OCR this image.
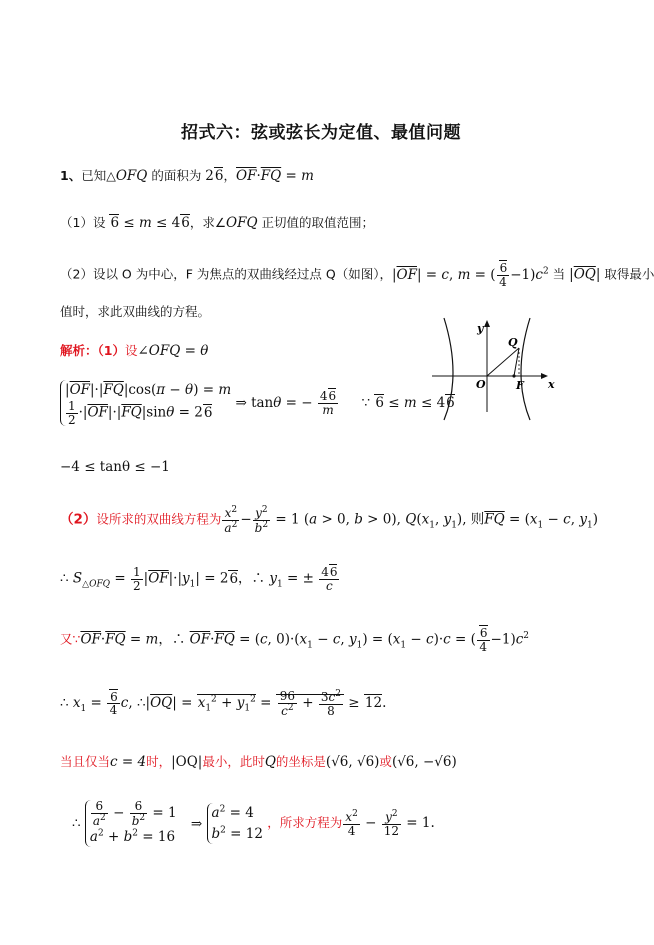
招式六：弦或弦长为定值、最值问题
1、已知△OFQ 的面积为 26，$\overline{OF}\cdot\overline{FQ} = m$
（1）设 6 ≤ m ≤ 46，求∠OFQ 正切值的取值范围；
（2）设以 O 为中心，F 为焦点的双曲线经过点 Q（如图），$|\overline{OF}| = c$, m = ( $\frac{6}{4} -1)c^2$ 当 $|\overline{OQ}|$ 取得最小
值时，求此双曲线的方程。
y
x
O	F
Q
解析：（1）设∠OFQ = θ
$|\overline{OF}|\cdot|\overline{FQ}|\cos(\pi - \theta) = m$
$\frac{1}{2} \cdot|\overline{OF}|\cdot|\overline{FQ}|\sin\theta = 26$
⇒ tanθ = − $\frac{46}{m}$ ∵ 6 ≤ m ≤ 46
−4 ≤ tanθ ≤ −1
（2）设所求的双曲线方程为 $\frac{x^2}{a^2} - \frac{y^2}{b^2} = 1$ (a > 0, b > 0), $Q(x_1$, $y_1$), 则$\overline{FQ} = (x_1 - c$, $y_1$)
∴ $S_{\triangle OFQ} = \frac{1}{2} |\overline{OF}|\cdot|y_1| = 26$，∴ $y_1$ = ± $\frac{46}{c}$
又$\because\overline{OF}\cdot\overline{FQ} = m$，∴ $\overline{OF}\cdot\overline{FQ} = (c$, $0)\cdot(x_1 - c$, $y_1) = (x_1 - c)\cdot c$ = ( $\frac{6}{4} -1)c^2$
∴ $x_1 = \frac{6}{4} c$, $\therefore|\overline{OQ}| = x_1^2 + y_1^2 = \frac{96}{c^2} + \frac{3c^2}{8} \ge 12$.
当且仅当c = 4时，|OQ|最小，此时Q的坐标是(√6, √6)或(√6, −√6)
∴ $\frac{6}{a^2} - \frac{6}{b^2} = 1$
$a^2 + b^2 = 16$
⇒
$a^2 = 4$
$b^2 = 12$
，所求方程为 $\frac{x^2}{4} - \frac{y^2}{12} = 1$.
